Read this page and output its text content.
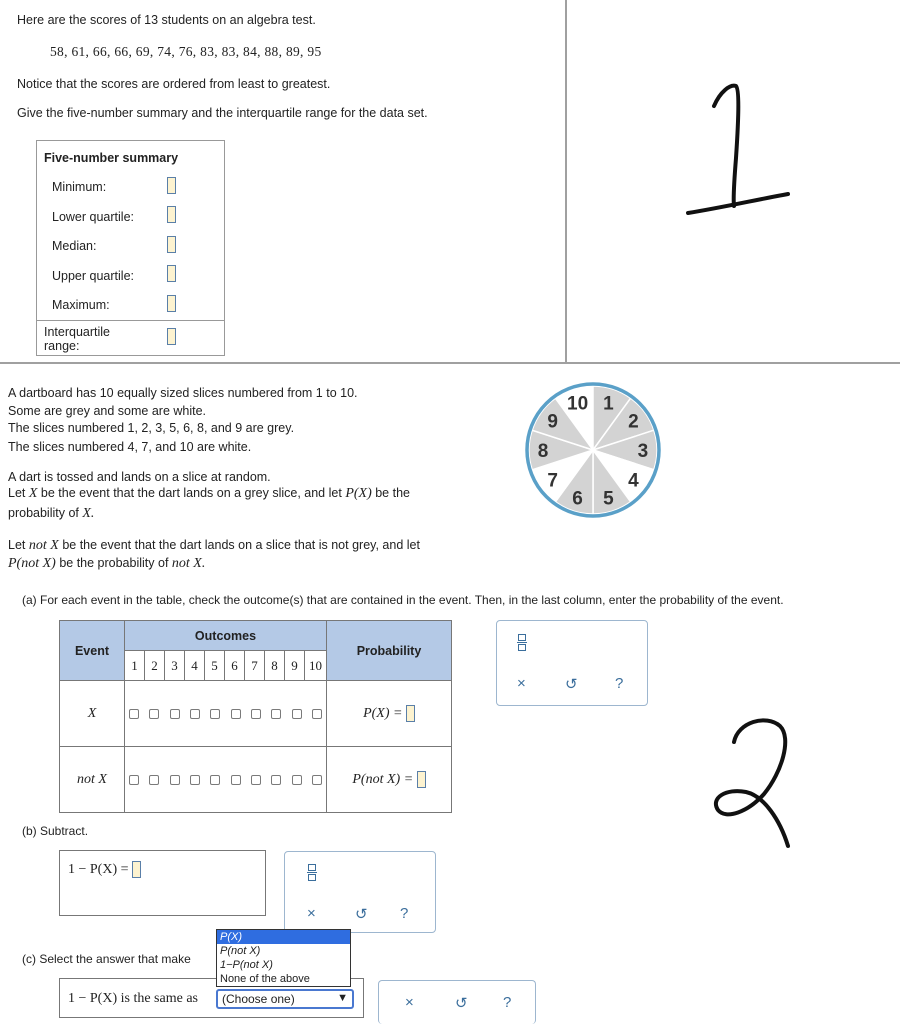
Here are the scores of 13 students on an algebra test.
58, 61, 66, 66, 69, 74, 76, 83, 83, 84, 88, 89, 95
Notice that the scores are ordered from least to greatest.
Give the five-number summary and the interquartile range for the data set.
Five-number summary
Minimum:
Lower quartile:
Median:
Upper quartile:
Maximum:
Interquartile
range:
A dartboard has 10 equally sized slices numbered from 1 to 10.
Some are grey and some are white.
The slices numbered 1, 2, 3, 5, 6, 8, and 9 are grey.
The slices numbered 4, 7, and 10 are white.
A dart is tossed and lands on a slice at random.
Let X be the event that the dart lands on a grey slice, and let P(X) be the
probability of X.
Let not X be the event that the dart lands on a slice that is not grey, and let
P(not X) be the probability of not X.
10 1
2
3
4
5
6
7
8
9
(a) For each event in the table, check the outcome(s) that are contained in the event. Then, in the last column, enter the probability of the event.
Event	Outcomes										Probability
	1	2	3	4	5	6	7	8	9	10	
X											P(X) =
not X											P(not X) =
×	↺ ?
(b) Subtract.
1 − P(X) =
×	↺ ?
(c) Select the answer that make
1 − P(X) is the same as	(Choose one)	▼
P(X)
P(not X)
1−P(not X)
None of the above
×	↺ ?
